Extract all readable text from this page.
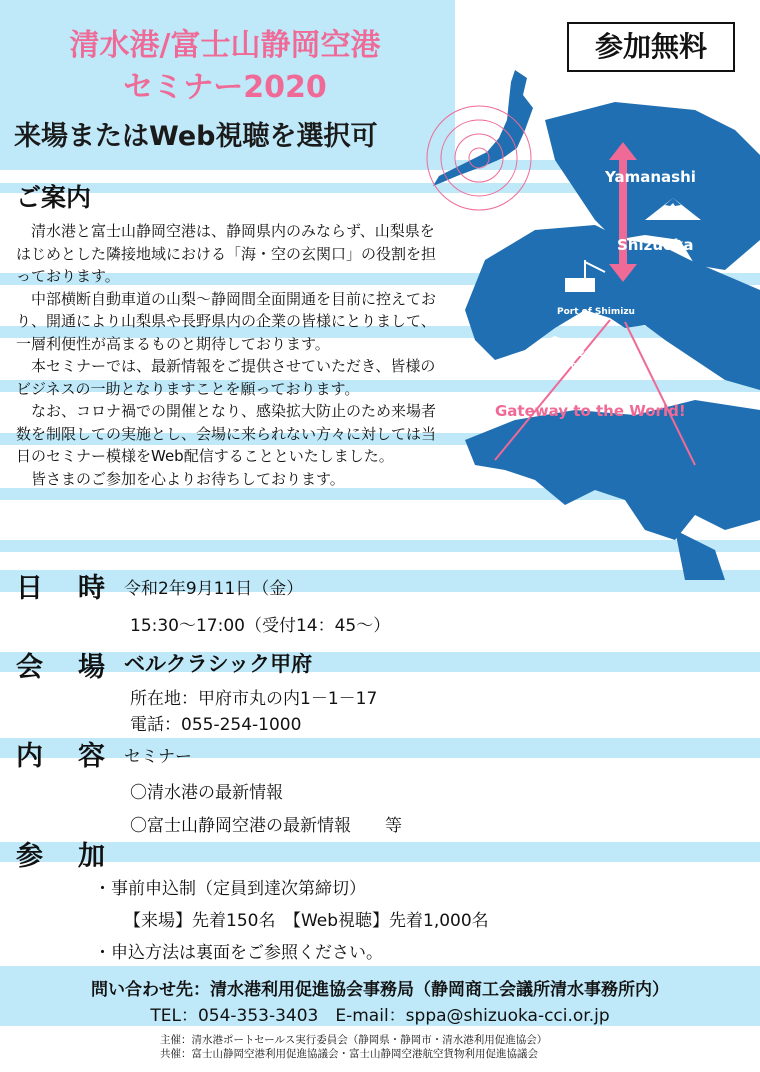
Yamanashi
Shizuoka
Port of Shimizu
Mt.Fuji Shizuoka
Airport
Gateway to the World!
清水港/富士山静岡空港
セミナー2020
来場またはWeb視聴を選択可
参加無料
ご案内

清水港と富士山静岡空港は、静岡県内のみならず、山梨県をはじめとした隣接地域における「海・空の玄関口」の役割を担っております。

中部横断自動車道の山梨～静岡間全面開通を目前に控えており、開通により山梨県や長野県内の企業の皆様にとりまして、一層利便性が高まるものと期待しております。

本セミナーでは、最新情報をご提供させていただき、皆様のビジネスの一助となりますことを願っております。

なお、コロナ禍での開催となり、感染拡大防止のため来場者数を制限しての実施とし、会場に来られない方々に対しては当日のセミナー模様をWeb配信することといたしました。

皆さまのご参加を心よりお待ちしております。

日　時 令和2年9月11日（金）
15:30～17:00（受付14：45～）
会　場 ベルクラシック甲府
所在地：甲府市丸の内1－1－17
電話：055-254-1000
内　容 セミナー
〇清水港の最新情報
〇富士山静岡空港の最新情報　　等
参　加
・事前申込制（定員到達次第締切）
【来場】先着150名　【Web視聴】先着1,000名
・申込方法は裏面をご参照ください。
問い合わせ先：清水港利用促進協会事務局（静岡商工会議所清水事務所内）
TEL：054-353-3403　E-mail：sppa@shizuoka-cci.or.jp
主催：清水港ポートセールス実行委員会（静岡県・静岡市・清水港利用促進協会）
共催：富士山静岡空港利用促進協議会・富士山静岡空港航空貨物利用促進協議会
